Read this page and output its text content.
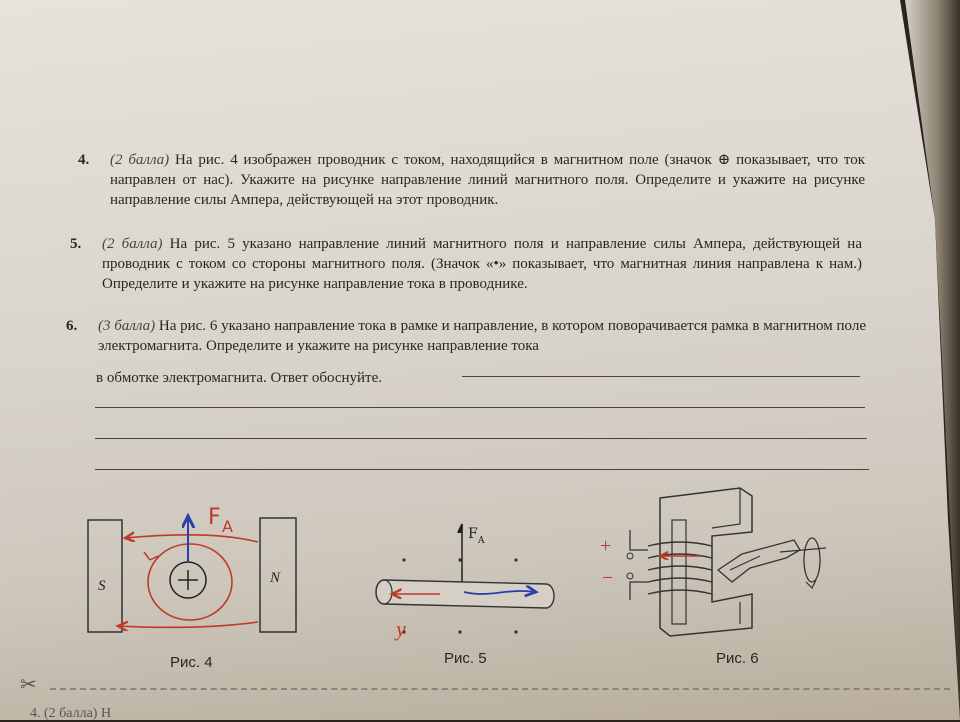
4. (2 балла) На рис. 4 изображен проводник с током, находящийся в магнитном поле (значок ⊕ показывает, что ток направлен от нас). Укажите на рисунке направление линий магнитного поля. Определите и укажите на рисунке направление силы Ампера, действующей на этот проводник.
5. (2 балла) На рис. 5 указано направление линий магнитного поля и направление силы Ампера, действующей на проводник с током со стороны магнитного поля. (Значок «•» показывает, что магнитная линия направлена к нам.) Определите и укажите на рисунке направление тока в проводнике.
6. (3 балла) На рис. 6 указано направление тока в рамке и направление, в котором поворачивается рамка в магнитном поле электромагнита. Определите и укажите на рисунке направление тока
в обмотке электромагнита. Ответ обоснуйте.
S	N
F A	F A
y
+
−
Рис. 4	Рис. 5	Рис. 6
✂
4. (2 балла) Н
